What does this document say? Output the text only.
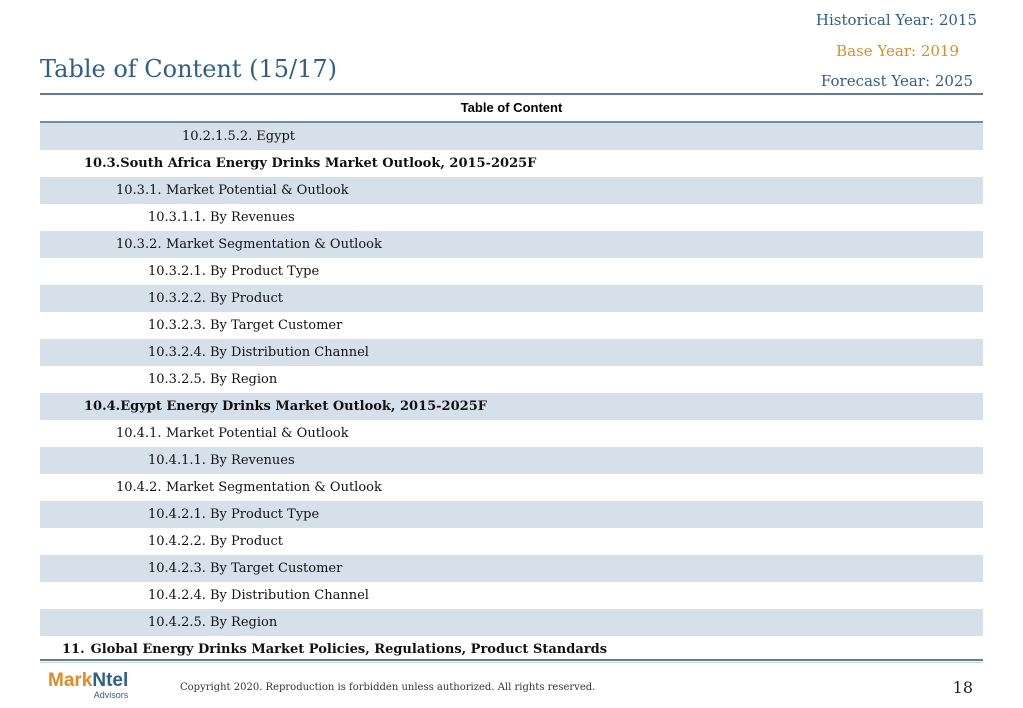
Historical Year: 2015
Base Year: 2019
Forecast Year: 2025
Table of Content (15/17)
Table of Content
10.2.1.5.2. Egypt
10.3.South Africa Energy Drinks Market Outlook, 2015-2025F
10.3.1. Market Potential & Outlook
10.3.1.1. By Revenues
10.3.2. Market Segmentation & Outlook
10.3.2.1. By Product Type
10.3.2.2. By Product
10.3.2.3. By Target Customer
10.3.2.4. By Distribution Channel
10.3.2.5. By Region
10.4.Egypt Energy Drinks Market Outlook, 2015-2025F
10.4.1. Market Potential & Outlook
10.4.1.1. By Revenues
10.4.2. Market Segmentation & Outlook
10.4.2.1. By Product Type
10.4.2.2. By Product
10.4.2.3. By Target Customer
10.4.2.4. By Distribution Channel
10.4.2.5. By Region
11. Global Energy Drinks Market Policies, Regulations, Product Standards
MarkNtel
Advisors
Copyright 2020. Reproduction is forbidden unless authorized. All rights reserved.	18
